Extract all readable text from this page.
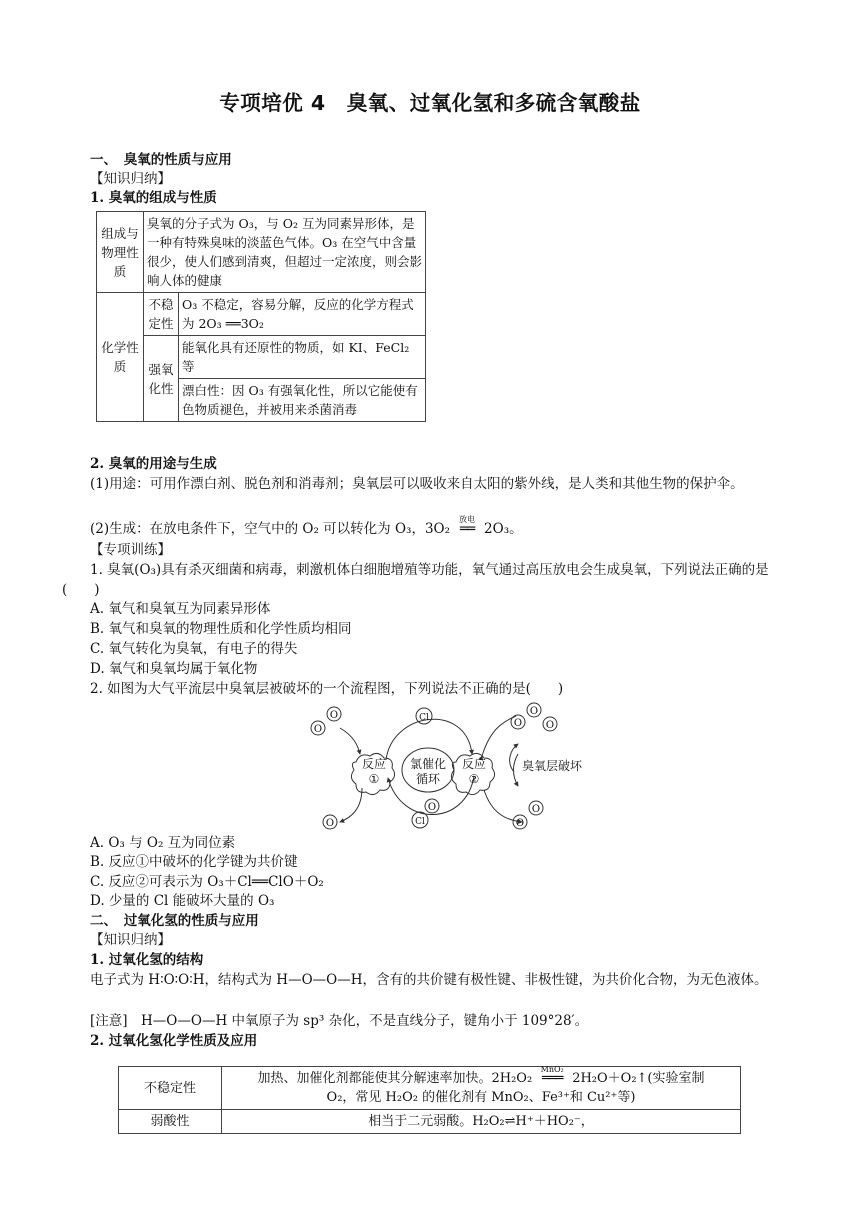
专项培优 4　臭氧、过氧化氢和多硫含氧酸盐
一、　臭氧的性质与应用
【知识归纳】
1. 臭氧的组成与性质
组成与物理性质	臭氧的分子式为 O₃，与 O₂ 互为同素异形体，是一种有特殊臭味的淡蓝色气体。O₃ 在空气中含量很少，使人们感到清爽，但超过一定浓度，则会影响人体的健康	
化学性质	不稳定性	O₃ 不稳定，容易分解，反应的化学方程式为 2O₃ ══3O₂
	强氧化性	能氧化具有还原性的物质，如 KI、FeCl₂ 等
		漂白性：因 O₃ 有强氧化性，所以它能使有色物质褪色，并被用来杀菌消毒
2. 臭氧的用途与生成
(1)用途：可用作漂白剂、脱色剂和消毒剂；臭氧层可以吸收来自太阳的紫外线，是人类和其他生物的保护伞。
(2)生成：在放电条件下，空气中的 O₂ 可以转化为 O₃，3O₂
放电
══ 2O₃。
【专项训练】
1. 臭氧(O₃)具有杀灭细菌和病毒，刺激机体白细胞增殖等功能，氧气通过高压放电会生成臭氧，下列说法正确的是(　　)
A. 氧气和臭氧互为同素异形体
B. 氧气和臭氧的物理性质和化学性质均相同
C. 氧气转化为臭氧，有电子的得失
D. 氧气和臭氧均属于氧化物
2. 如图为大气平流层中臭氧层被破坏的一个流程图，下列说法不正确的是(　　)
反应
①
反应
②
氯催化
循环
臭氧层破坏
O
O	Cl	O
O
O
O
O
Cl
O
O
A. O₃ 与 O₂ 互为同位素
B. 反应①中破坏的化学键为共价键
C. 反应②可表示为 O₃＋Cl══ClO＋O₂
D. 少量的 Cl 能破坏大量的 O₃
二、　过氧化氢的性质与应用
【知识归纳】
1. 过氧化氢的结构
电子式为 H∶O∶O∶H，结构式为 H—O—O—H，含有的共价键有极性键、非极性键，为共价化合物，为无色液体。
[注意]　H—O—O—H 中氧原子为 sp³ 杂化，不是直线分子，键角小于 109°28′。
2. 过氧化氢化学性质及应用
不稳定性	加热、加催化剂都能使其分解速率加快。2H₂O₂
MnO₂
═══ 2H₂O＋O₂↑(实验室制
O₂，常见 H₂O₂ 的催化剂有 MnO₂、Fe³⁺和 Cu²⁺等)

弱酸性	相当于二元弱酸。H₂O₂⇌H⁺＋HO₂⁻，
